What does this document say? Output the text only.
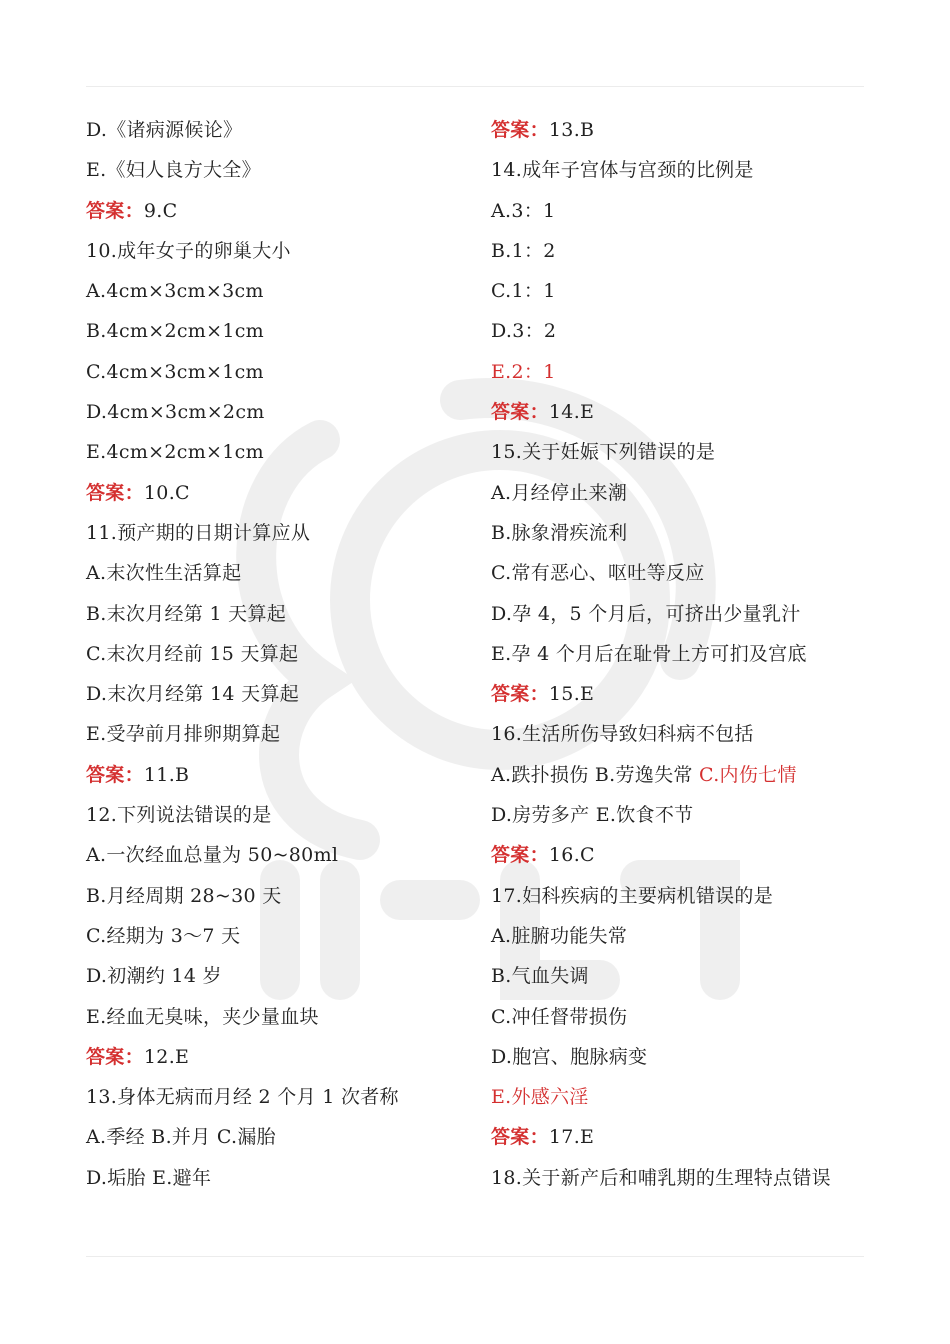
D.《诸病源候论》
E.《妇人良方大全》
答案：9.C
10.成年女子的卵巢大小
A.4cm×3cm×3cm
B.4cm×2cm×1cm
C.4cm×3cm×1cm
D.4cm×3cm×2cm
E.4cm×2cm×1cm
答案：10.C
11.预产期的日期计算应从
A.末次性生活算起
B.末次月经第 1 天算起
C.末次月经前 15 天算起
D.末次月经第 14 天算起
E.受孕前月排卵期算起
答案：11.B
12.下列说法错误的是
A.一次经血总量为 50~80ml
B.月经周期 28~30 天
C.经期为 3～7 天
D.初潮约 14 岁
E.经血无臭味，夹少量血块
答案：12.E
13.身体无病而月经 2 个月 1 次者称
A.季经 B.并月 C.漏胎
D.垢胎 E.避年
答案：13.B
14.成年子宫体与宫颈的比例是
A.3：1
B.1：2
C.1：1
D.3：2
E.2：1
答案：14.E
15.关于妊娠下列错误的是
A.月经停止来潮
B.脉象滑疾流利
C.常有恶心、呕吐等反应
D.孕 4，5 个月后，可挤出少量乳汁
E.孕 4 个月后在耻骨上方可扪及宫底
答案：15.E
16.生活所伤导致妇科病不包括
A.跌扑损伤 B.劳逸失常 C.内伤七情
D.房劳多产 E.饮食不节
答案：16.C
17.妇科疾病的主要病机错误的是
A.脏腑功能失常
B.气血失调
C.冲任督带损伤
D.胞宫、胞脉病变
E.外感六淫
答案：17.E
18.关于新产后和哺乳期的生理特点错误
